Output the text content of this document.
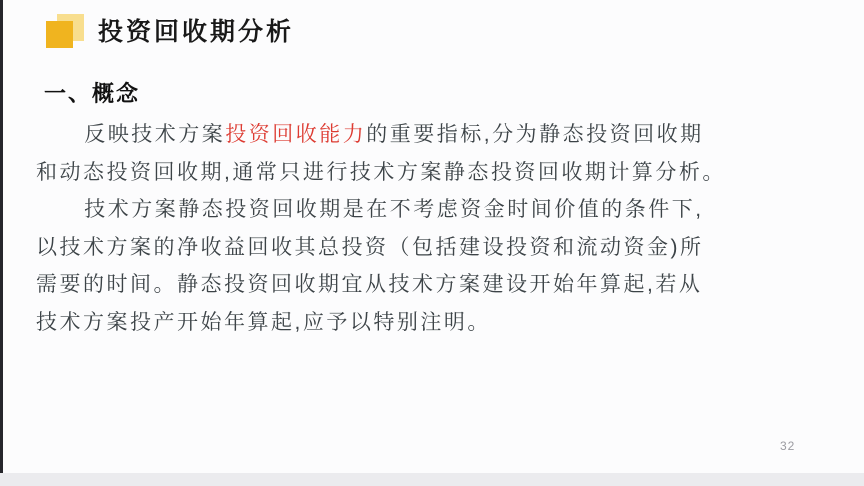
投资回收期分析
一、概念
反映技术方案投资回收能力的重要指标,分为静态投资回收期
和动态投资回收期,通常只进行技术方案静态投资回收期计算分析。
技术方案静态投资回收期是在不考虑资金时间价值的条件下,
以技术方案的净收益回收其总投资（包括建设投资和流动资金)所
需要的时间。静态投资回收期宜从技术方案建设开始年算起,若从
技术方案投产开始年算起,应予以特别注明。
32
